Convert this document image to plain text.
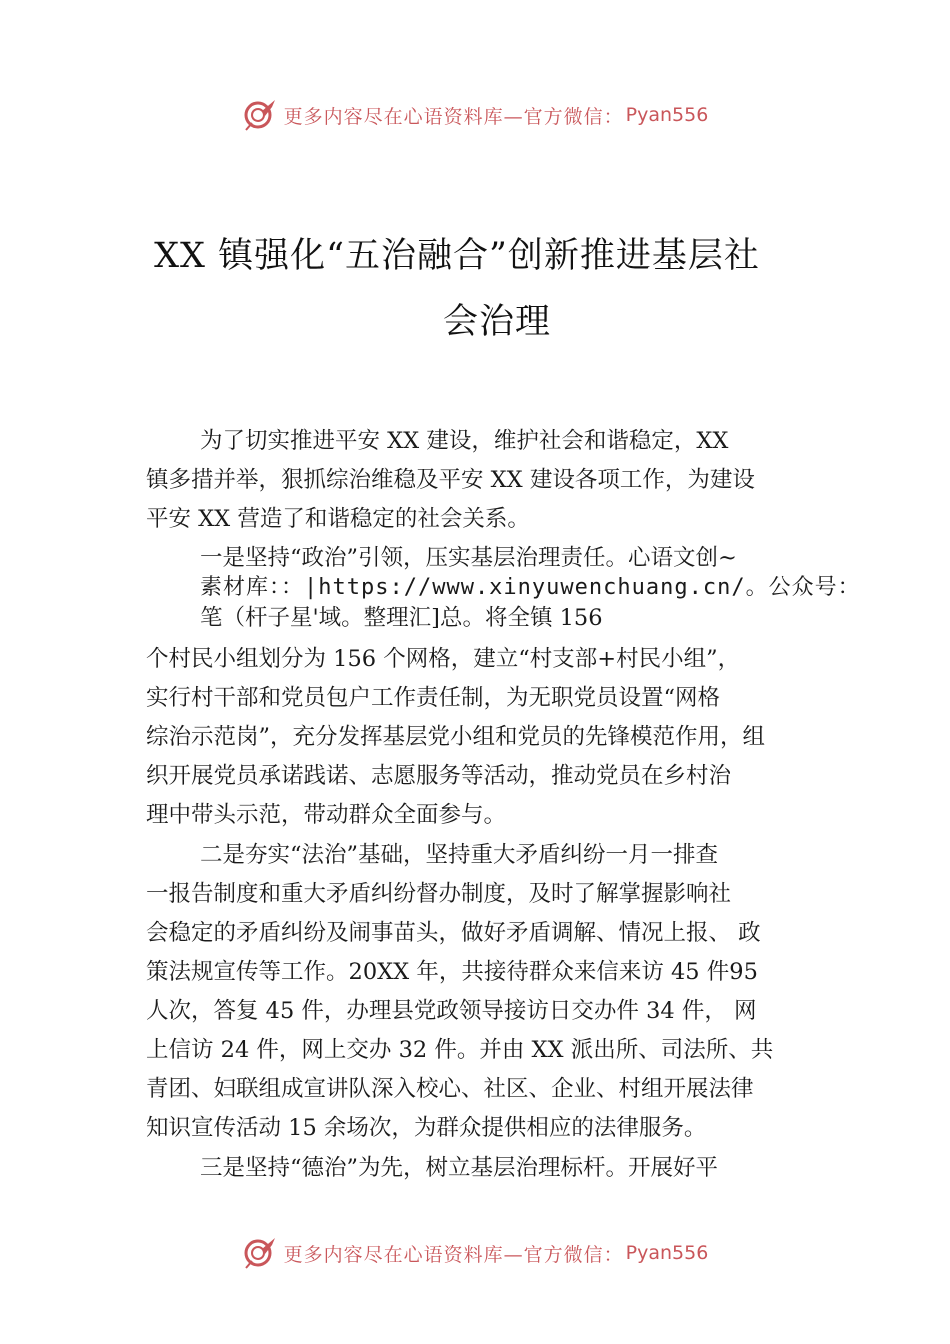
更多内容尽在心语资料库—官方微信： Pyan556
XX 镇强化“五治融合”创新推进基层社
会治理
为了切实推进平安 XX 建设，维护社会和谐稳定，XX
镇多措并举，狠抓综治维稳及平安 XX 建设各项工作，为建设
平安 XX 营造了和谐稳定的社会关系。
一是坚持“政治”引领，压实基层治理责任。心语文创~
素材库：：|https://www.xinyuwenchuang.cn/。公众号：
笔（杆子星'域。整理汇]总。将全镇 156
个村民小组划分为 156 个网格，建立“村支部+村民小组”，
实行村干部和党员包户工作责任制，为无职党员设置“网格
综治示范岗”，充分发挥基层党小组和党员的先锋模范作用，组
织开展党员承诺践诺、志愿服务等活动，推动党员在乡村治
理中带头示范，带动群众全面参与。
二是夯实“法治”基础，坚持重大矛盾纠纷一月一排查
一报告制度和重大矛盾纠纷督办制度，及时了解掌握影响社
会稳定的矛盾纠纷及闹事苗头，做好矛盾调解、情况上报、 政
策法规宣传等工作。20XX 年，共接待群众来信来访 45 件95
人次，答复 45 件，办理县党政领导接访日交办件 34 件， 网
上信访 24 件，网上交办 32 件。并由 XX 派出所、司法所、共
青团、妇联组成宣讲队深入校心、社区、企业、村组开展法律
知识宣传活动 15 余场次，为群众提供相应的法律服务。
三是坚持“德治”为先，树立基层治理标杆。开展好平
更多内容尽在心语资料库—官方微信： Pyan556
